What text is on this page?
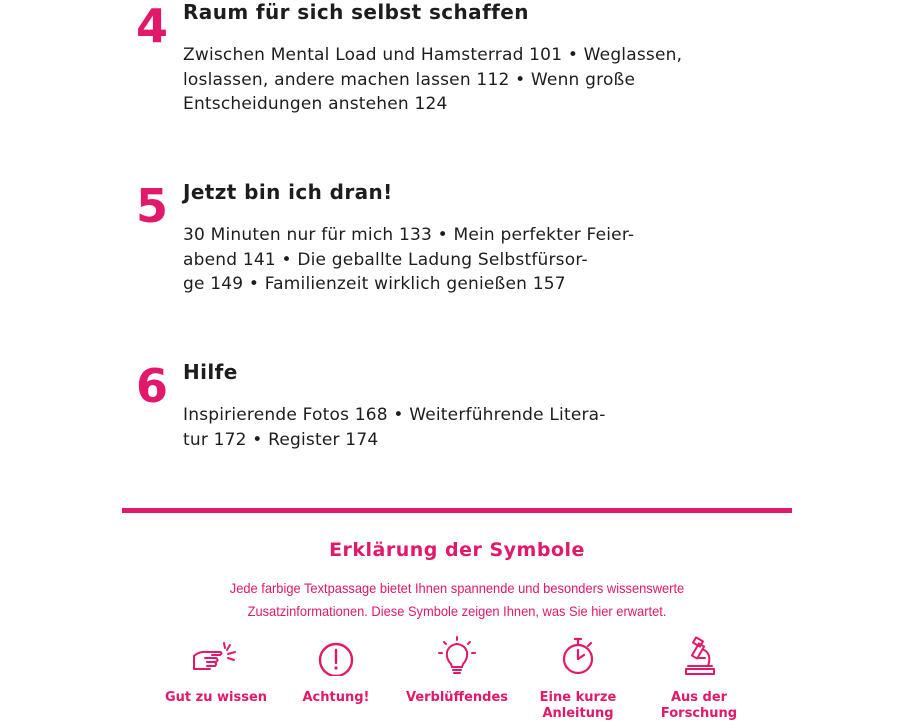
4 Raum für sich selbst schaffen

Zwischen Mental Load und Hamsterrad 101 • Weglassen,
loslassen, andere machen lassen 112 • Wenn große
Entscheidungen anstehen 124

5 Jetzt bin ich dran!

30 Minuten nur für mich 133 • Mein perfekter Feier-
abend 141 • Die geballte Ladung Selbstfürsor-
ge 149 • Familienzeit wirklich genießen 157

6 Hilfe

Inspirierende Fotos 168 • Weiterführende Litera-
tur 172 • Register 174

Erklärung der Symbole

Jede farbige Textpassage bietet Ihnen spannende und besonders wissenswerte
Zusatzinformationen. Diese Symbole zeigen Ihnen, was Sie hier erwartet.

Gut zu wissen	Achtung!	Verblüffendes	Eine kurze
Anleitung
Aus der
Forschung
